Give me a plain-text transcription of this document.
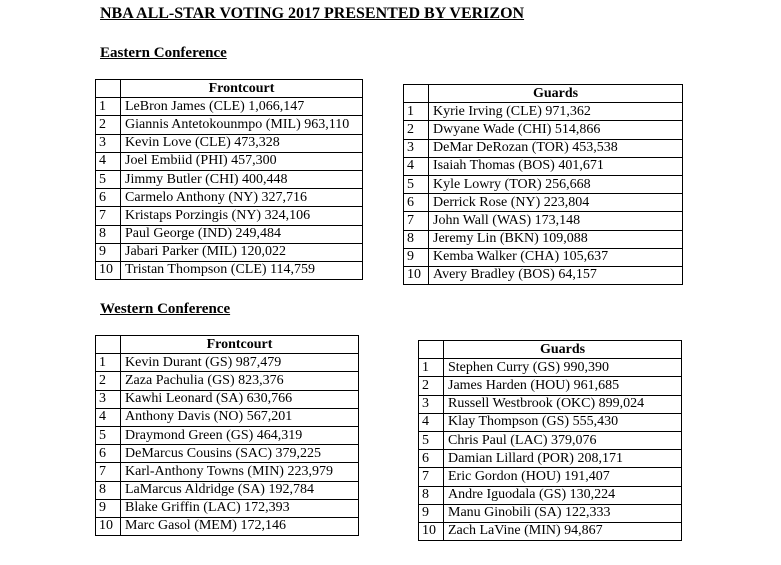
NBA ALL-STAR VOTING 2017 PRESENTED BY VERIZON
Eastern Conference
	Frontcourt
1	LeBron James (CLE) 1,066,147
2	Giannis Antetokounmpo (MIL) 963,110
3	Kevin Love (CLE) 473,328
4	Joel Embiid (PHI) 457,300
5	Jimmy Butler (CHI) 400,448
6	Carmelo Anthony (NY) 327,716
7	Kristaps Porzingis (NY) 324,106
8	Paul George (IND) 249,484
9	Jabari Parker (MIL) 120,022
10	Tristan Thompson (CLE) 114,759
	Guards
1	Kyrie Irving (CLE) 971,362
2	Dwyane Wade (CHI) 514,866
3	DeMar DeRozan (TOR) 453,538
4	Isaiah Thomas (BOS) 401,671
5	Kyle Lowry (TOR) 256,668
6	Derrick Rose (NY) 223,804
7	John Wall (WAS) 173,148
8	Jeremy Lin (BKN) 109,088
9	Kemba Walker (CHA) 105,637
10	Avery Bradley (BOS) 64,157
Western Conference
	Frontcourt
1	Kevin Durant (GS) 987,479
2	Zaza Pachulia (GS) 823,376
3	Kawhi Leonard (SA) 630,766
4	Anthony Davis (NO) 567,201
5	Draymond Green (GS) 464,319
6	DeMarcus Cousins (SAC) 379,225
7	Karl-Anthony Towns (MIN) 223,979
8	LaMarcus Aldridge (SA) 192,784
9	Blake Griffin (LAC) 172,393
10	Marc Gasol (MEM) 172,146
	Guards
1	Stephen Curry (GS) 990,390
2	James Harden (HOU) 961,685
3	Russell Westbrook (OKC) 899,024
4	Klay Thompson (GS) 555,430
5	Chris Paul (LAC) 379,076
6	Damian Lillard (POR) 208,171
7	Eric Gordon (HOU) 191,407
8	Andre Iguodala (GS) 130,224
9	Manu Ginobili (SA) 122,333
10	Zach LaVine (MIN) 94,867
